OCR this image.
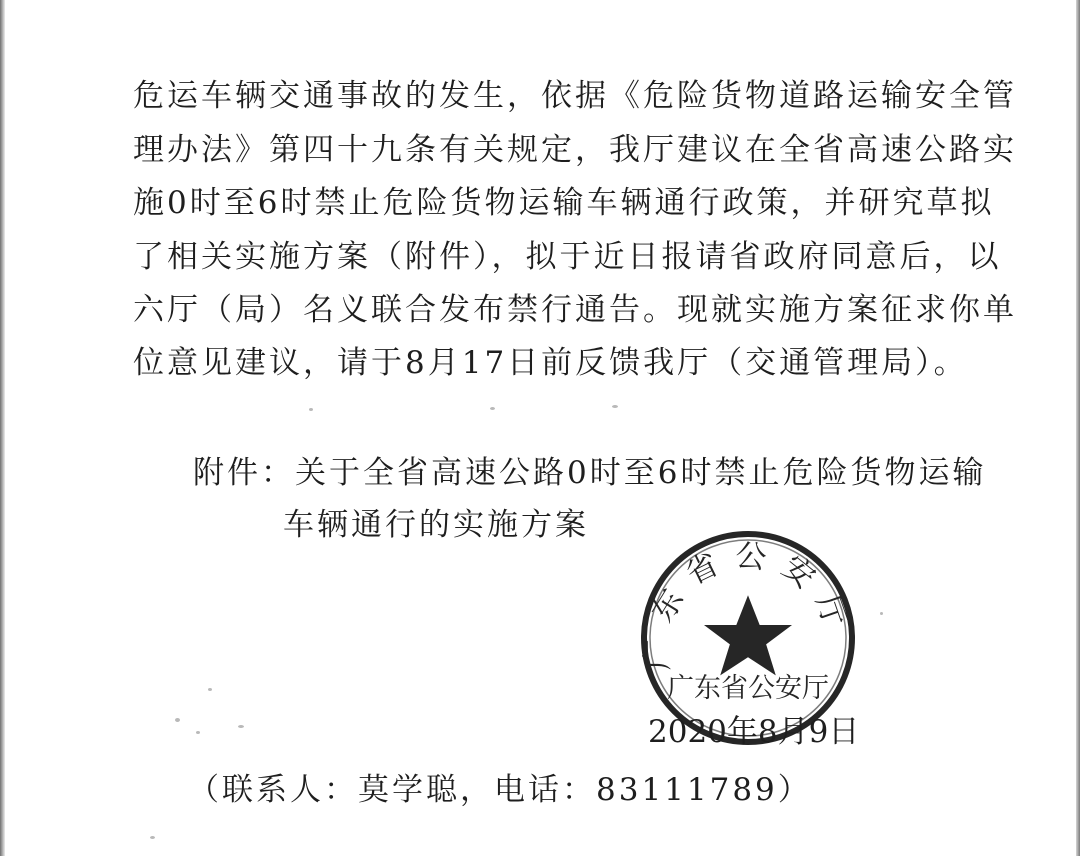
危运车辆交通事故的发生，依据《危险货物道路运输安全管
理办法》第四十九条有关规定，我厅建议在全省高速公路实
施0时至6时禁止危险货物运输车辆通行政策，并研究草拟
了相关实施方案（附件），拟于近日报请省政府同意后，以
六厅（局）名义联合发布禁行通告。现就实施方案征求你单
位意见建议，请于8月17日前反馈我厅（交通管理局）。
附件：关于全省高速公路0时至6时禁止危险货物运输
车辆通行的实施方案
广东省公安厅
广东省公安厅
2020年8月9日
（联系人：莫学聪，电话：83111789）
